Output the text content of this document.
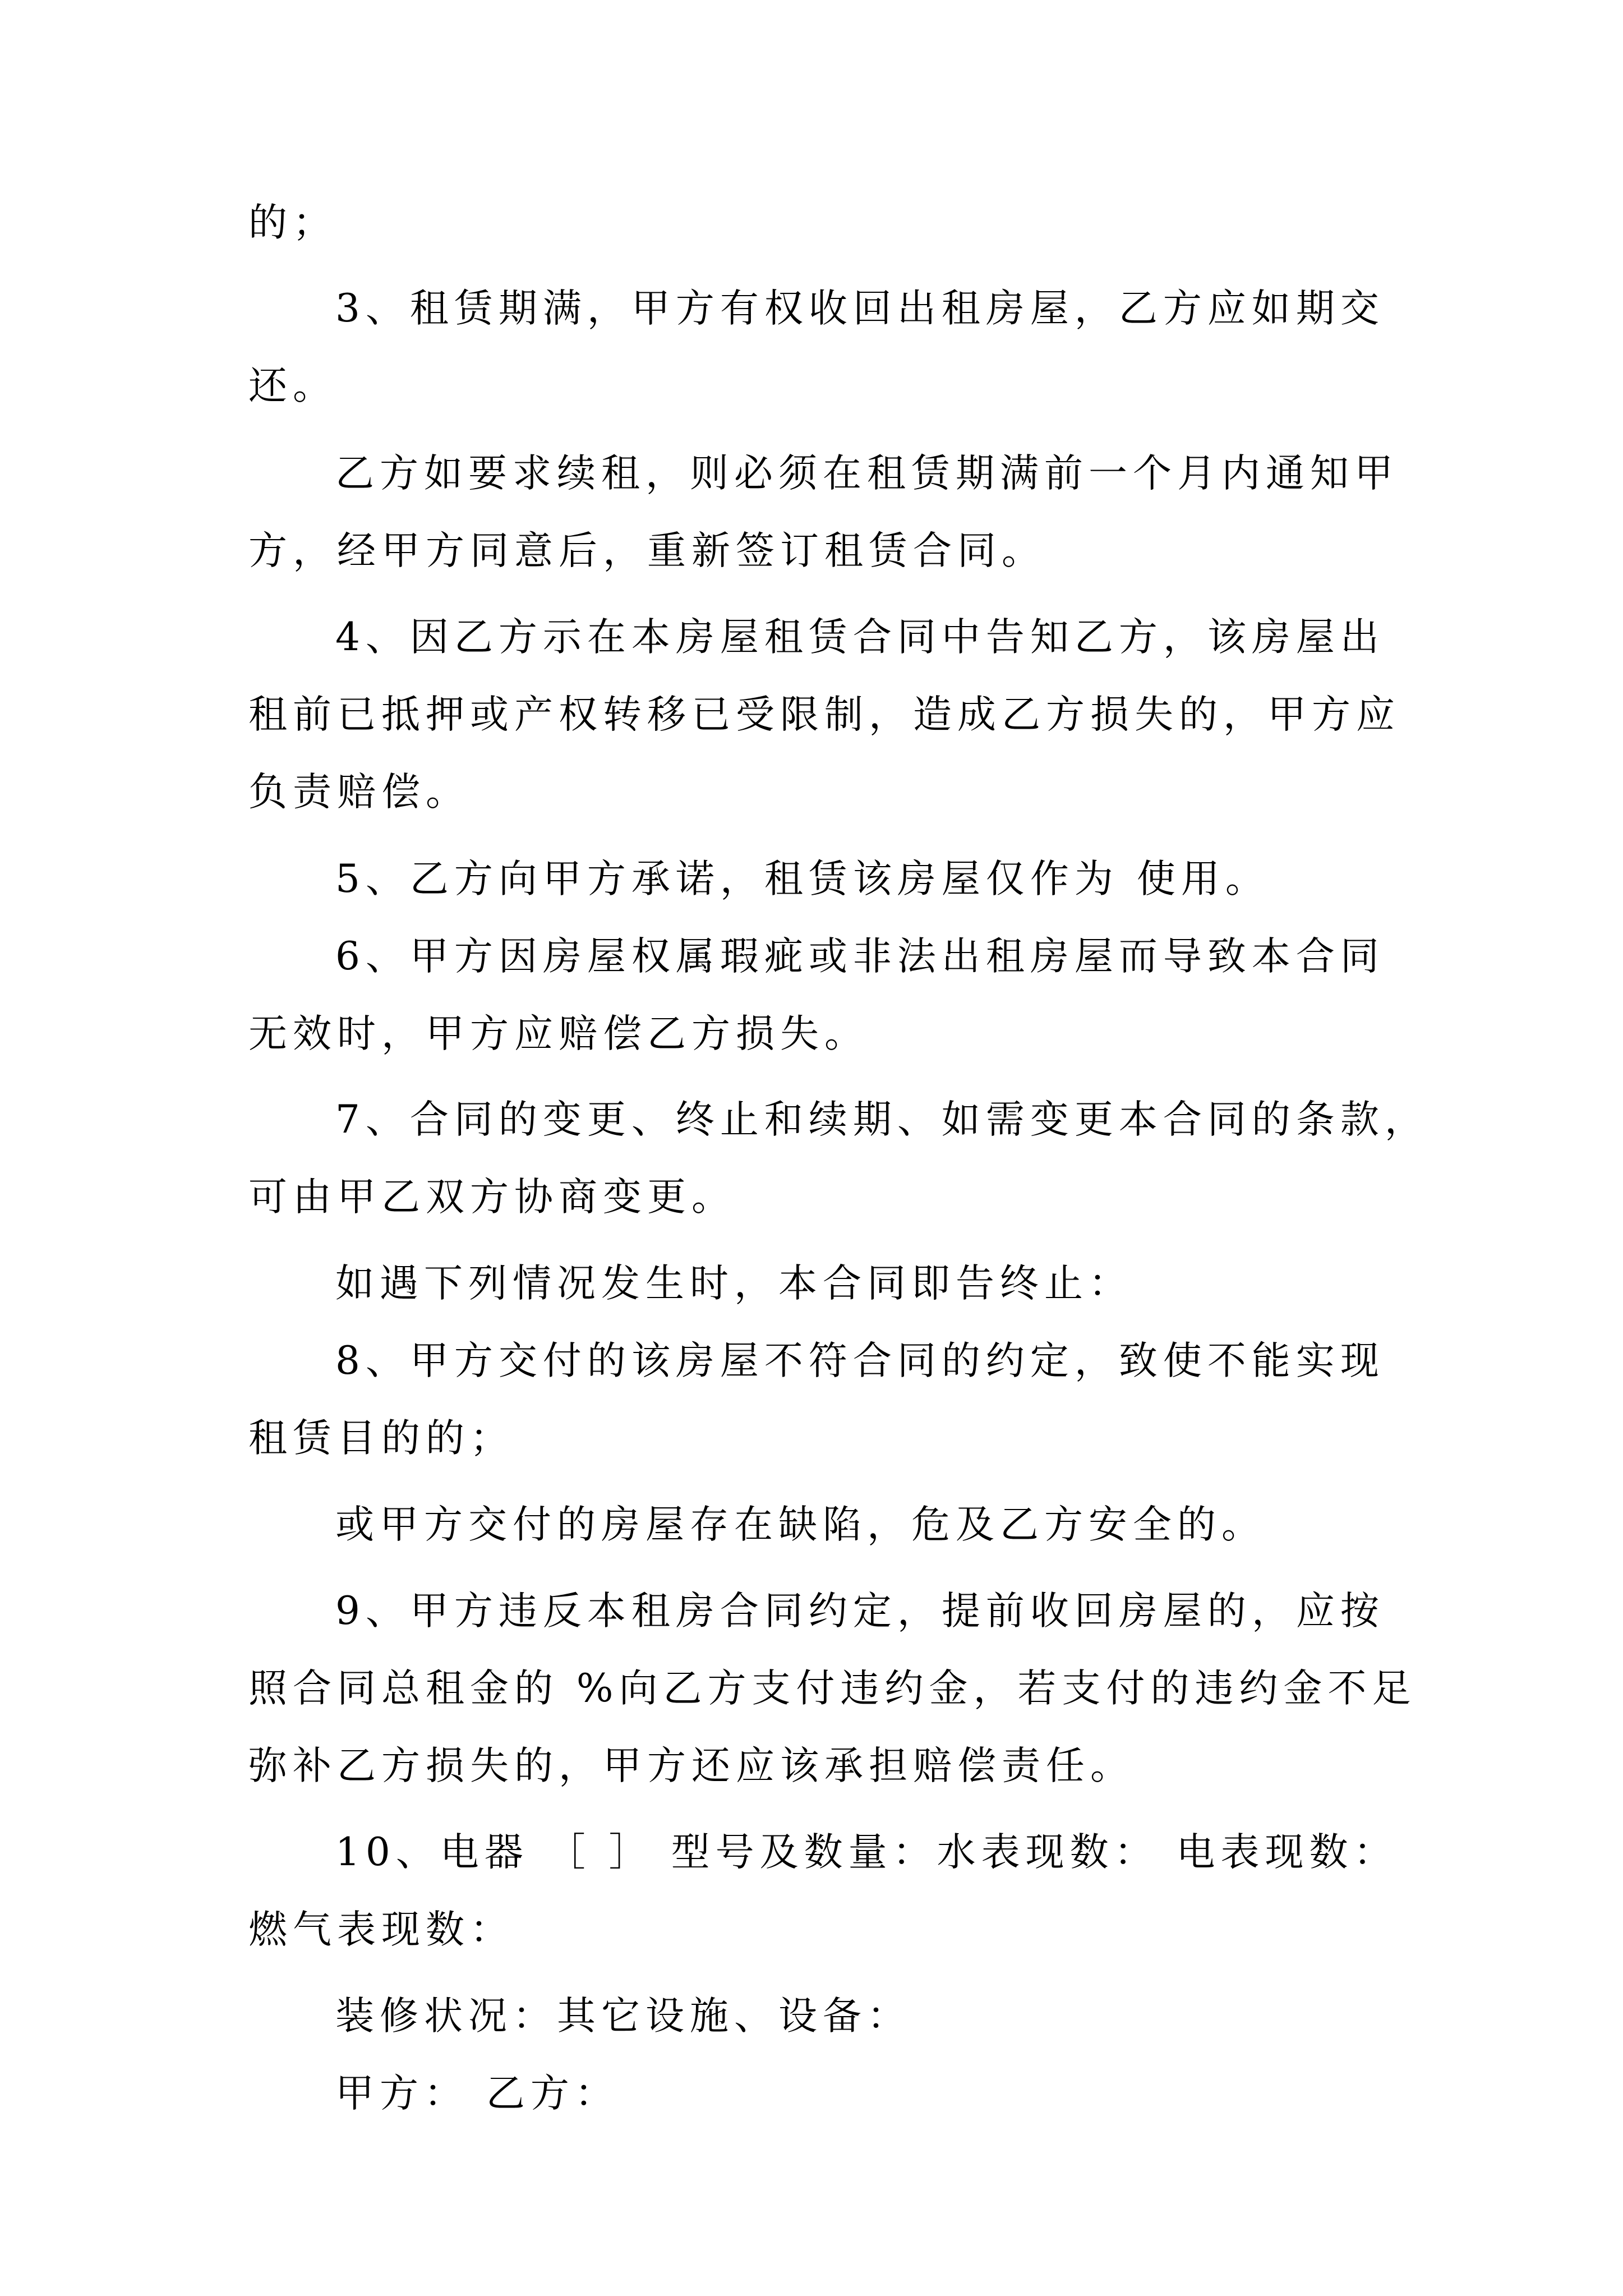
的；
3、租赁期满，甲方有权收回出租房屋，乙方应如期交
还。
乙方如要求续租，则必须在租赁期满前一个月内通知甲
方，经甲方同意后，重新签订租赁合同。
4、因乙方示在本房屋租赁合同中告知乙方，该房屋出
租前已抵押或产权转移已受限制，造成乙方损失的，甲方应
负责赔偿。
5、乙方向甲方承诺，租赁该房屋仅作为 使用。
6、甲方因房屋权属瑕疵或非法出租房屋而导致本合同
无效时，甲方应赔偿乙方损失。
7、合同的变更、终止和续期、如需变更本合同的条款，
可由甲乙双方协商变更。
如遇下列情况发生时，本合同即告终止：
8、甲方交付的该房屋不符合同的约定，致使不能实现
租赁目的的；
或甲方交付的房屋存在缺陷，危及乙方安全的。
9、甲方违反本租房合同约定，提前收回房屋的，应按
照合同总租金的 %向乙方支付违约金，若支付的违约金不足
弥补乙方损失的，甲方还应该承担赔偿责任。
10、电器 ［ ］ 型号及数量：水表现数： 电表现数：
燃气表现数：
装修状况：其它设施、设备：
甲方： 乙方：
